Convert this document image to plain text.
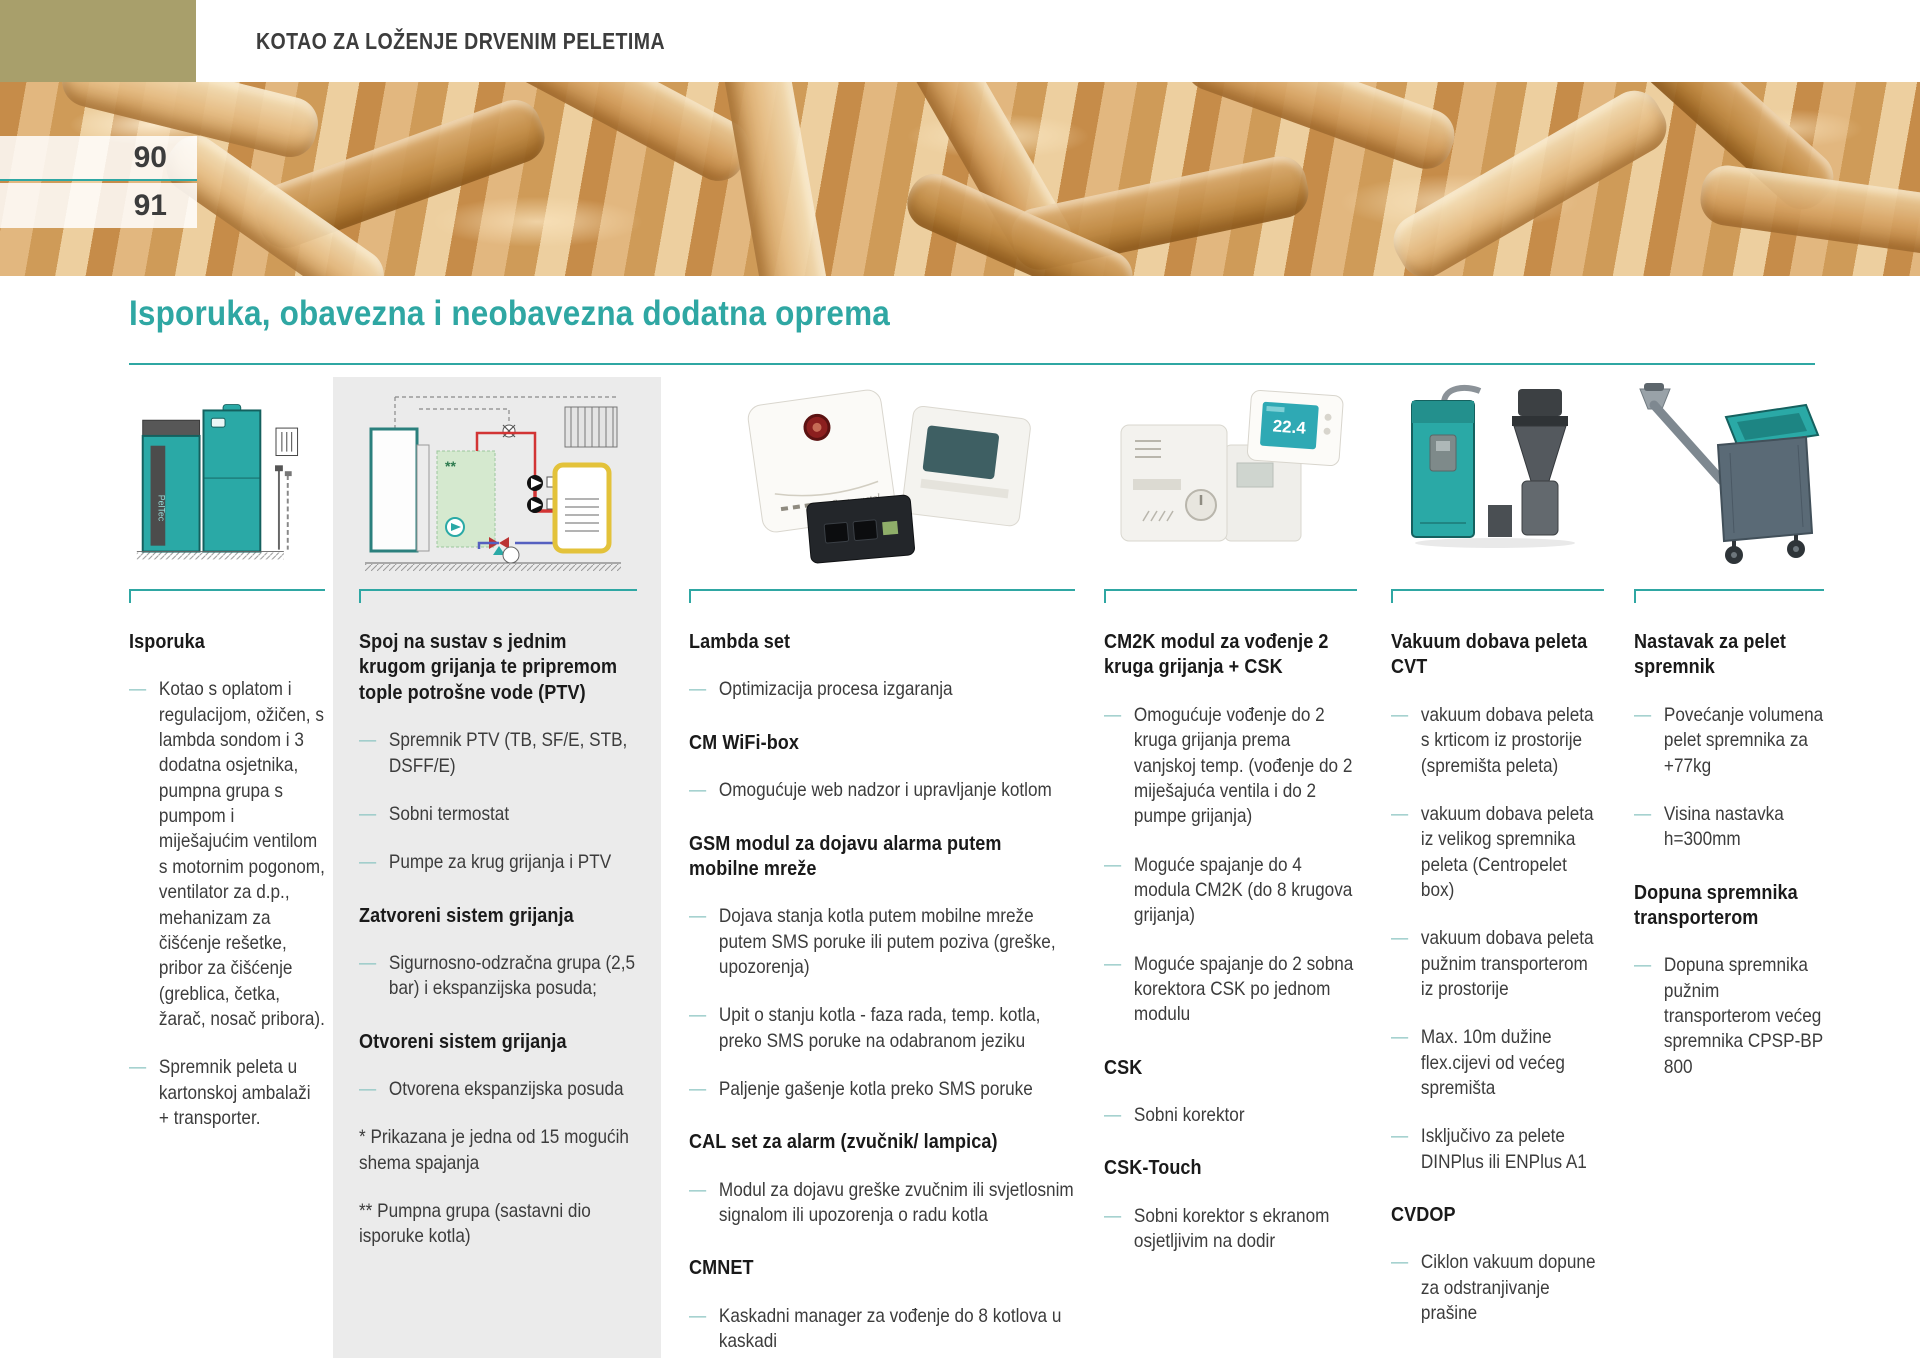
KOTAO ZA LOŽENJE DRVENIM PELETIMA
90
91
Isporuka, obavezna i neobavezna dodatna oprema
PelTec
Isporuka
— Kotao s oplatom i regulacijom, ožičen, s lambda sondom i 3 dodatna osjetnika, pumpna grupa s pumpom i miješajućim ventilom s motornim pogonom, ventilator za d.p., mehanizam za čišćenje rešetke, pribor za čišćenje (greblica, četka, žarač, nosač pribora).
— Spremnik peleta u kartonskoj ambalaži + transporter.
**
Spoj na sustav s jednim krugom grijanja te pripremom tople potrošne vode (PTV)
— Spremnik PTV (TB, SF/E, STB, DSFF/E)
— Sobni termostat
— Pumpe za krug grijanja i PTV
Zatvoreni sistem grijanja
— Sigurnosno-odzračna grupa (2,5 bar) i ekspanzijska posuda;
Otvoreni sistem grijanja
— Otvorena ekspanzijska posuda

* Prikazana je jedna od 15 mogućih shema spajanja

** Pumpna grupa (sastavni dio isporuke kotla)

Lambda set
— Optimizacija procesa izgaranja
CM WiFi-box
— Omogućuje web nadzor i upravljanje kotlom
GSM modul za dojavu alarma putem mobilne mreže
— Dojava stanja kotla putem mobilne mreže putem SMS poruke ili putem poziva (greške, upozorenja)
— Upit o stanju kotla - faza rada, temp. kotla, preko SMS poruke na odabranom jeziku
— Paljenje gašenje kotla preko SMS poruke
CAL set za alarm (zvučnik/ lampica)
— Modul za dojavu greške zvučnim ili svjetlosnim signalom ili upozorenja o radu kotla
CMNET
— Kaskadni manager za vođenje do 8 kotlova u kaskadi
22.4
CM2K modul za vođenje 2 kruga grijanja + CSK
— Omogućuje vođenje do 2 kruga grijanja prema vanjskoj temp. (vođenje do 2 miješajuća ventila i do 2 pumpe grijanja)
— Moguće spajanje do 4 modula CM2K (do 8 krugova grijanja)
— Moguće spajanje do 2 sobna korektora CSK po jednom modulu
CSK
— Sobni korektor
CSK-Touch
— Sobni korektor s ekranom osjetljivim na dodir
Vakuum dobava peleta CVT
— vakuum dobava peleta s krticom iz prostorije (spremišta peleta)
— vakuum dobava peleta iz velikog spremnika peleta (Centropelet box)
— vakuum dobava peleta pužnim transporterom iz prostorije
— Max. 10m dužine flex.cijevi od većeg spremišta
— Isključivo za pelete DINPlus ili ENPlus A1
CVDOP
— Ciklon vakuum dopune za odstranjivanje prašine
Nastavak za pelet spremnik
— Povećanje volumena pelet spremnika za +77kg
— Visina nastavka h=300mm
Dopuna spremnika transporterom
— Dopuna spremnika pužnim transporterom većeg spremnika CPSP-BP 800
